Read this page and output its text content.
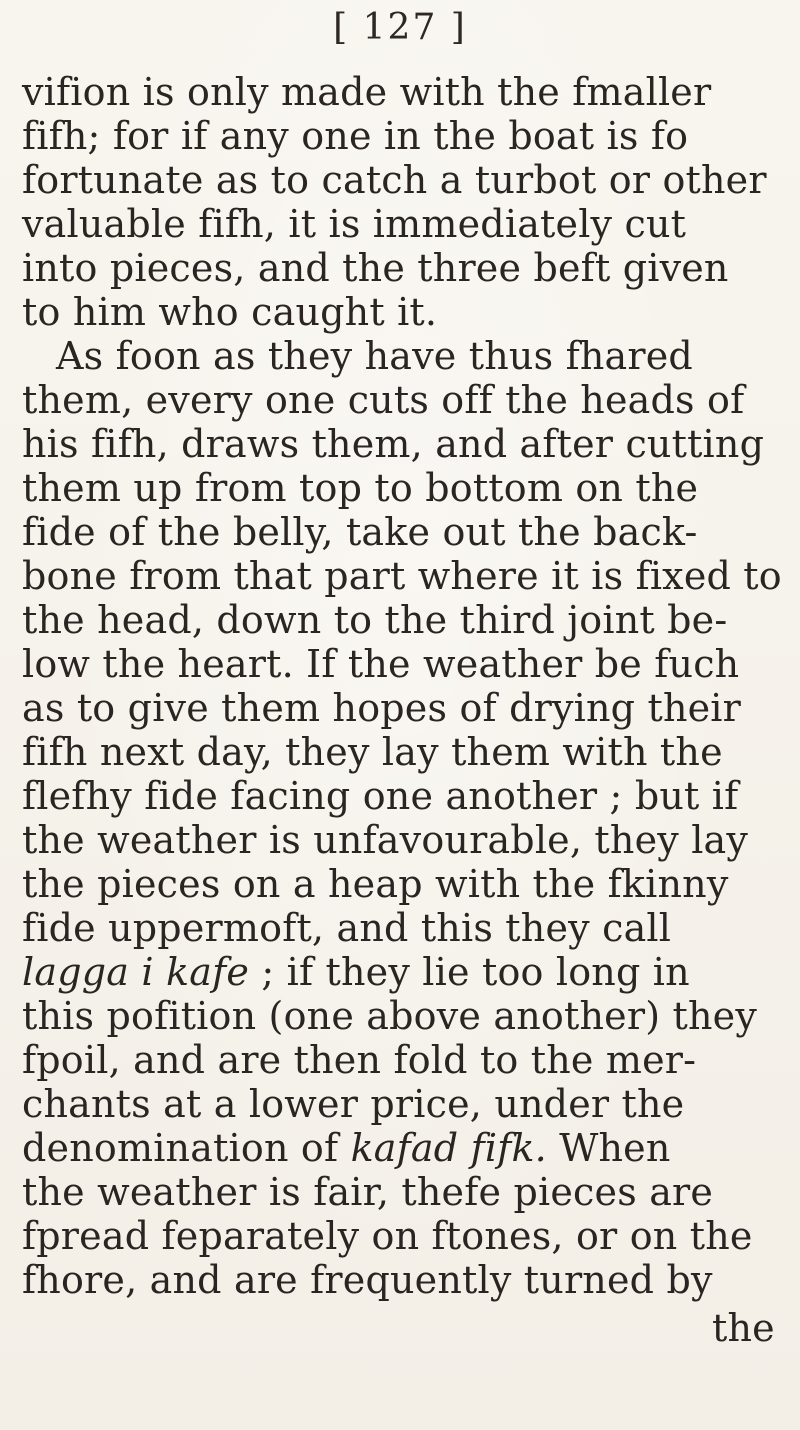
[ 127 ]
vifion is only made with the fmaller
fifh; for if any one in the boat is fo
fortunate as to catch a turbot or other
valuable fifh, it is immediately cut
into pieces, and the three beft given
to him who caught it.
As foon as they have thus fhared
them, every one cuts off the heads of
his fifh, draws them, and after cutting
them up from top to bottom on the
fide of the belly, take out the back-
bone from that part where it is fixed to
the head, down to the third joint be-
low the heart. If the weather be fuch
as to give them hopes of drying their
fifh next day, they lay them with the
flefhy fide facing one another ; but if
the weather is unfavourable, they lay
the pieces on a heap with the fkinny
fide uppermoft, and this they call
lagga i kafe ; if they lie too long in
this pofition (one above another) they
fpoil, and are then fold to the mer-
chants at a lower price, under the
denomination of kafad fifk. When
the weather is fair, thefe pieces are
fpread feparately on ftones, or on the
fhore, and are frequently turned by
the
